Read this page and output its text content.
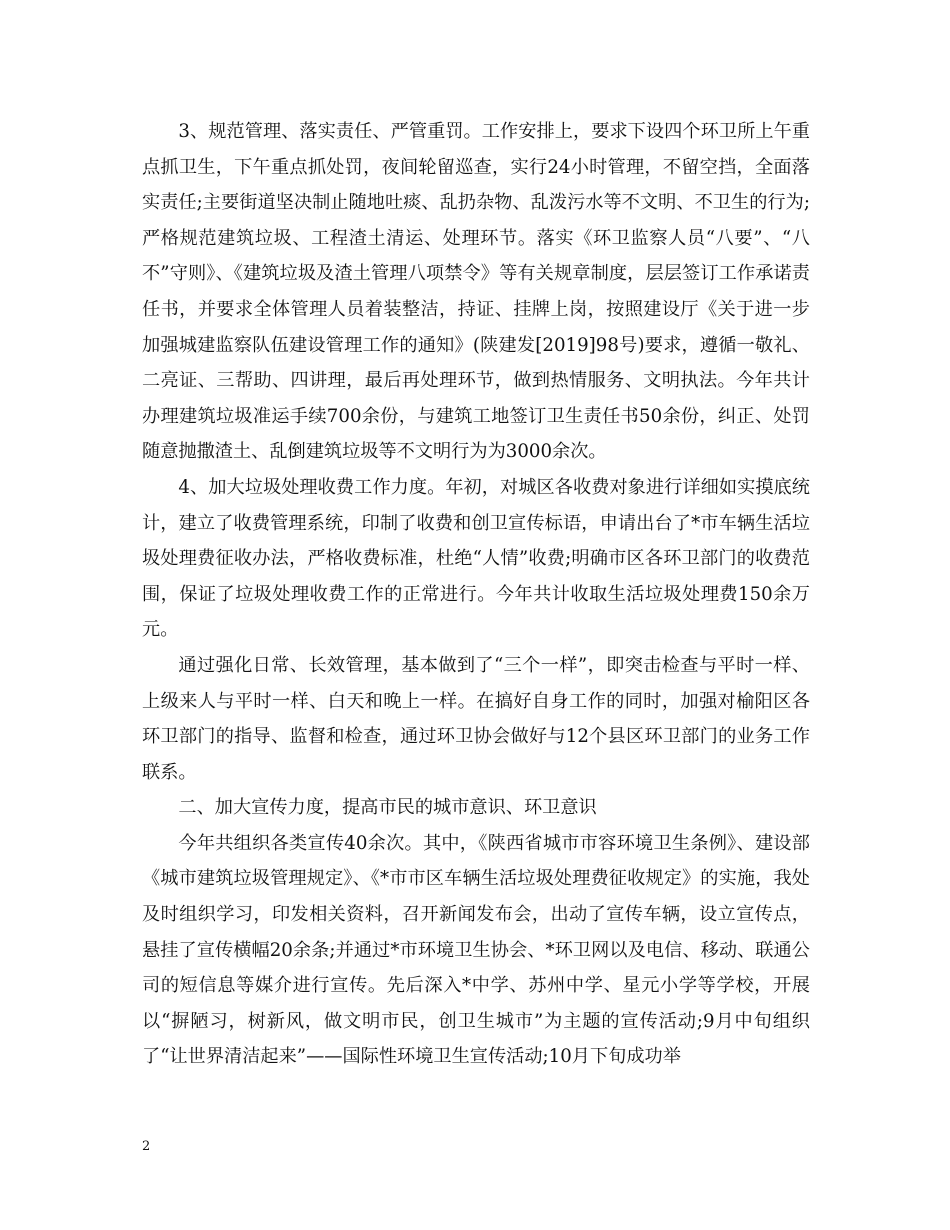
3、规范管理、落实责任、严管重罚。工作安排上，要求下设四个环卫所上午重点抓卫生，下午重点抓处罚，夜间轮留巡查，实行24小时管理，不留空挡，全面落实责任;主要街道坚决制止随地吐痰、乱扔杂物、乱泼污水等不文明、不卫生的行为;严格规范建筑垃圾、工程渣土清运、处理环节。落实《环卫监察人员“八要”、“八不”守则》、《建筑垃圾及渣土管理八项禁令》等有关规章制度，层层签订工作承诺责任书，并要求全体管理人员着装整洁，持证、挂牌上岗，按照建设厅《关于进一步加强城建监察队伍建设管理工作的通知》(陕建发[2019]98号)要求，遵循一敬礼、二亮证、三帮助、四讲理，最后再处理环节，做到热情服务、文明执法。今年共计办理建筑垃圾准运手续700余份，与建筑工地签订卫生责任书50余份，纠正、处罚随意抛撒渣土、乱倒建筑垃圾等不文明行为为3000余次。

4、加大垃圾处理收费工作力度。年初，对城区各收费对象进行详细如实摸底统计，建立了收费管理系统，印制了收费和创卫宣传标语，申请出台了*市车辆生活垃圾处理费征收办法，严格收费标准，杜绝“人情”收费;明确市区各环卫部门的收费范围，保证了垃圾处理收费工作的正常进行。今年共计收取生活垃圾处理费150余万元。

通过强化日常、长效管理，基本做到了“三个一样”，即突击检查与平时一样、上级来人与平时一样、白天和晚上一样。在搞好自身工作的同时，加强对榆阳区各环卫部门的指导、监督和检查，通过环卫协会做好与12个县区环卫部门的业务工作联系。

二、加大宣传力度，提高市民的城市意识、环卫意识

今年共组织各类宣传40余次。其中，《陕西省城市市容环境卫生条例》、建设部《城市建筑垃圾管理规定》、《*市市区车辆生活垃圾处理费征收规定》的实施，我处及时组织学习，印发相关资料，召开新闻发布会，出动了宣传车辆，设立宣传点，悬挂了宣传横幅20余条;并通过*市环境卫生协会、*环卫网以及电信、移动、联通公司的短信息等媒介进行宣传。先后深入*中学、苏州中学、星元小学等学校，开展以“摒陋习，树新风，做文明市民，创卫生城市”为主题的宣传活动;9月中旬组织了“让世界清洁起来”——国际性环境卫生宣传活动;10月下旬成功举

2
